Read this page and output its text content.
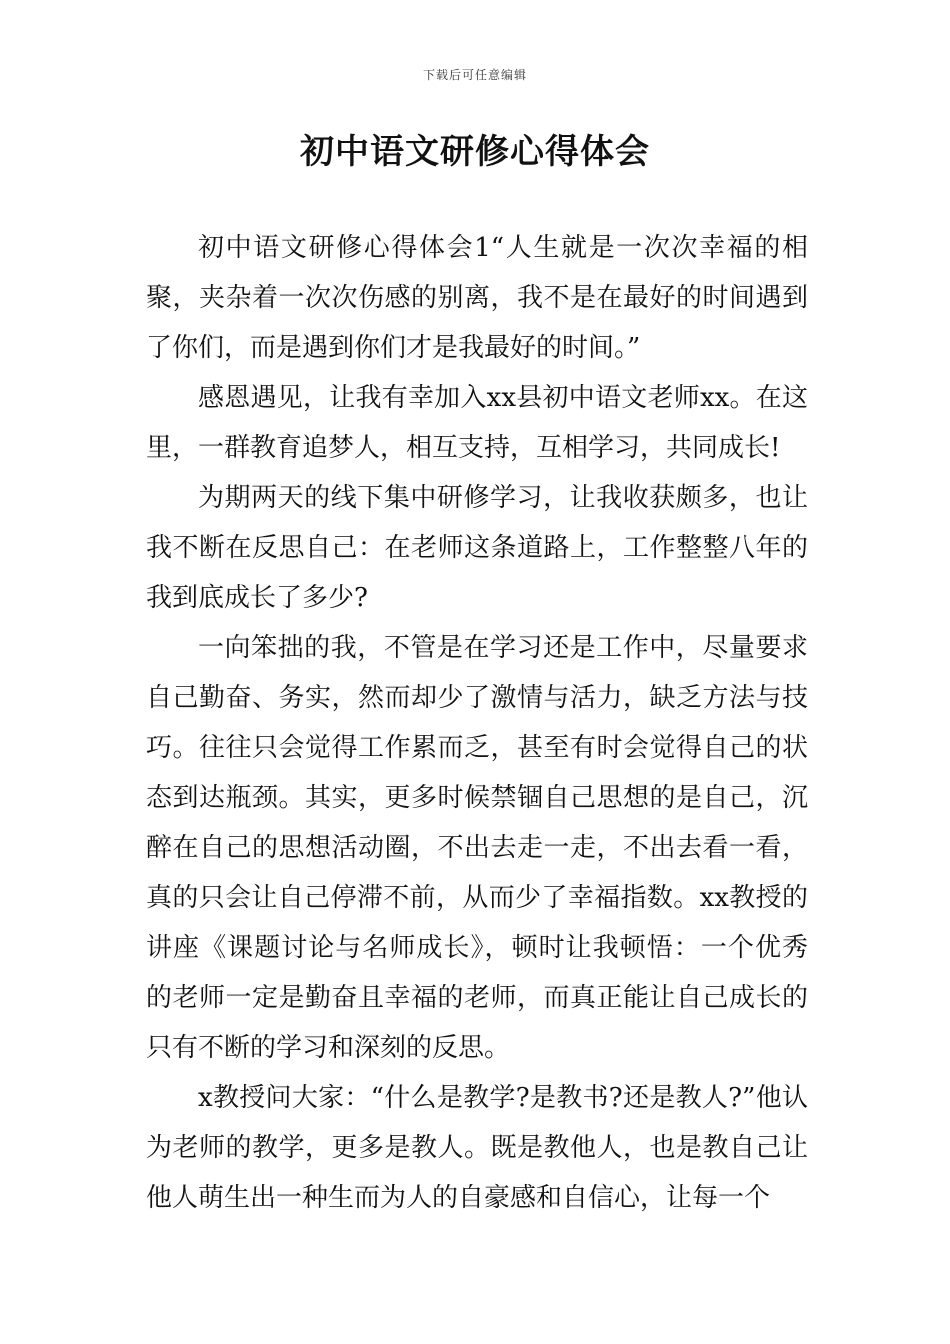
下载后可任意编辑
初中语文研修心得体会

初中语文研修心得体会1“人生就是一次次幸福的相聚，夹杂着一次次伤感的别离，我不是在最好的时间遇到了你们，而是遇到你们才是我最好的时间。”

感恩遇见，让我有幸加入xx县初中语文老师xx。在这里，一群教育追梦人，相互支持，互相学习，共同成长!

为期两天的线下集中研修学习，让我收获颇多，也让我不断在反思自己：在老师这条道路上，工作整整八年的我到底成长了多少?

一向笨拙的我，不管是在学习还是工作中，尽量要求自己勤奋、务实，然而却少了激情与活力，缺乏方法与技巧。往往只会觉得工作累而乏，甚至有时会觉得自己的状态到达瓶颈。其实，更多时候禁锢自己思想的是自己，沉醉在自己的思想活动圈，不出去走一走，不出去看一看，真的只会让自己停滞不前，从而少了幸福指数。xx教授的讲座《课题讨论与名师成长》，顿时让我顿悟：一个优秀的老师一定是勤奋且幸福的老师，而真正能让自己成长的只有不断的学习和深刻的反思。

x教授问大家：“什么是教学?是教书?还是教人?”他认为老师的教学，更多是教人。既是教他人，也是教自己让他人萌生出一种生而为人的自豪感和自信心，让每一个
